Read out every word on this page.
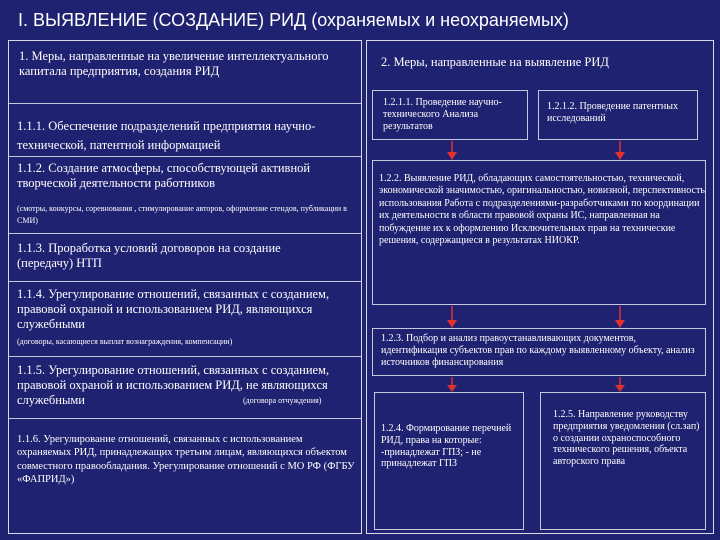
I. ВЫЯВЛЕНИЕ (СОЗДАНИЕ) РИД (охраняемых и неохраняемых)
1. Меры, направленные на увеличение интеллектуального капитала предприятия, создания РИД
1.1.1. Обеспечение подразделений предприятия научно-технической, патентной информацией
1.1.2. Создание атмосферы, способствующей активной творческой деятельности работников
(смотры, конкурсы, соревнования , стимулирование авторов, оформление стендов, публикации в СМИ)
1.1.3. Проработка условий договоров на создание (передачу) НТП
1.1.4. Урегулирование отношений, связанных с созданием, правовой охраной и использованием РИД, являющихся служебными
(договоры, касающиеся выплат вознаграждения, компенсации)
1.1.5. Урегулирование отношений, связанных с созданием, правовой охраной и использованием РИД, не являющихся служебными	(договора отчуждения)
1.1.6. Урегулирование отношений, связанных с использованием охраняемых РИД, принадлежащих третьим лицам, являющихся объектом совместного правообладания. Урегулирование отношений с МО РФ (ФГБУ «ФАПРИД»)
2. Меры, направленные на выявление РИД
1.2.1.1. Проведение научно-технического Анализа результатов
1.2.1.2. Проведение патентных исследований
1.2.2. Выявление РИД, обладающих самостоятельностью, технической, экономической значимостью, оригинальностью, новизной, перспективность использования Работа с подразделениями-разработчиками по координации их деятельности в области правовой охраны ИС, направленная на побуждение их к оформлению Исключительных прав на технические решения, содержащиеся в результатах НИОКР.
1.2.3. Подбор и анализ правоустанавливающих документов, идентификация субъектов прав по каждому выявленному объекту, анализ источников финансирования
1.2.4. Формирование перечней РИД, права на которые: -принадлежат ГПЗ; - не принадлежат ГПЗ
1.2.5. Направление руководству предприятия уведомления (сл.зап) о создании охраноспособного технического решения, объекта авторского права
